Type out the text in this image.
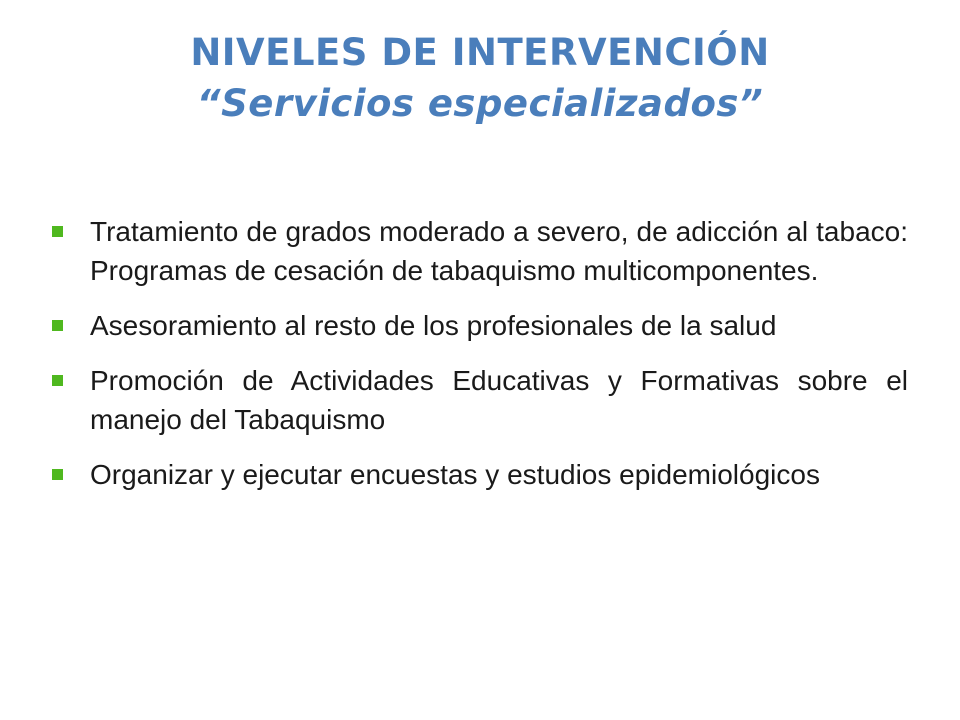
NIVELES DE INTERVENCIÓN
“Servicios especializados”
Tratamiento de grados moderado a severo, de adicción al tabaco: Programas de cesación de tabaquismo multicomponentes.
Asesoramiento al resto de los profesionales de la salud
Promoción de Actividades Educativas y Formativas sobre el manejo del Tabaquismo
Organizar y ejecutar encuestas y estudios epidemiológicos
